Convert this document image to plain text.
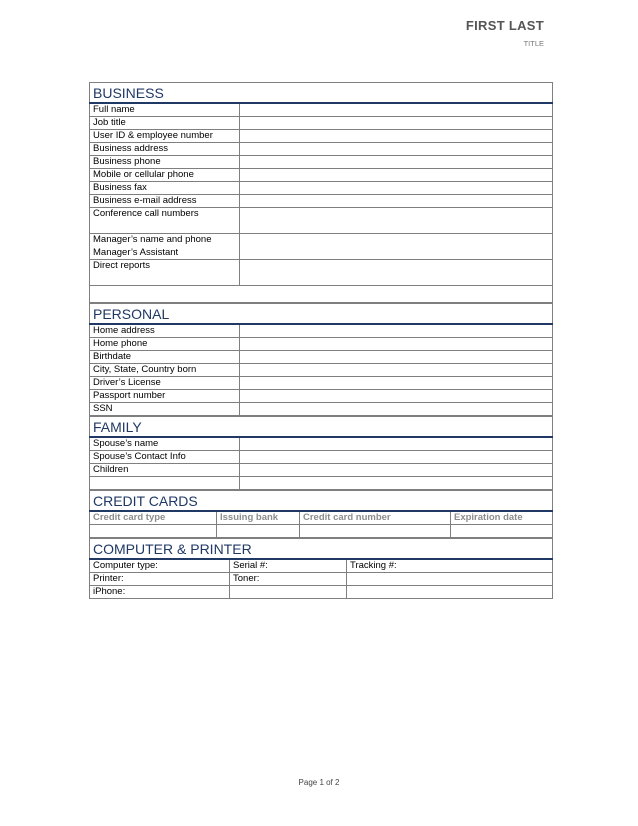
FIRST LAST
TITLE
BUSINESS	
Full name	
Job title	
User ID & employee number	
Business address	
Business phone	
Mobile or cellular phone	
Business fax	
Business e-mail address	
Conference call numbers	

Manager’s name and phone
Manager’s Assistant	

Direct reports	

PERSONAL	
Home address	
Home phone	
Birthdate	
City, State, Country born	
Driver’s License	
Passport number	
SSN	
FAMILY	
Spouse’s name	
Spouse’s Contact Info	
Children	

CREDIT CARDS			
Credit card type	Issuing bank	Credit card number	Expiration date

COMPUTER & PRINTER		
Computer type:	Serial #:	Tracking #:
Printer:	Toner:	
iPhone:		
Page 1 of 2
